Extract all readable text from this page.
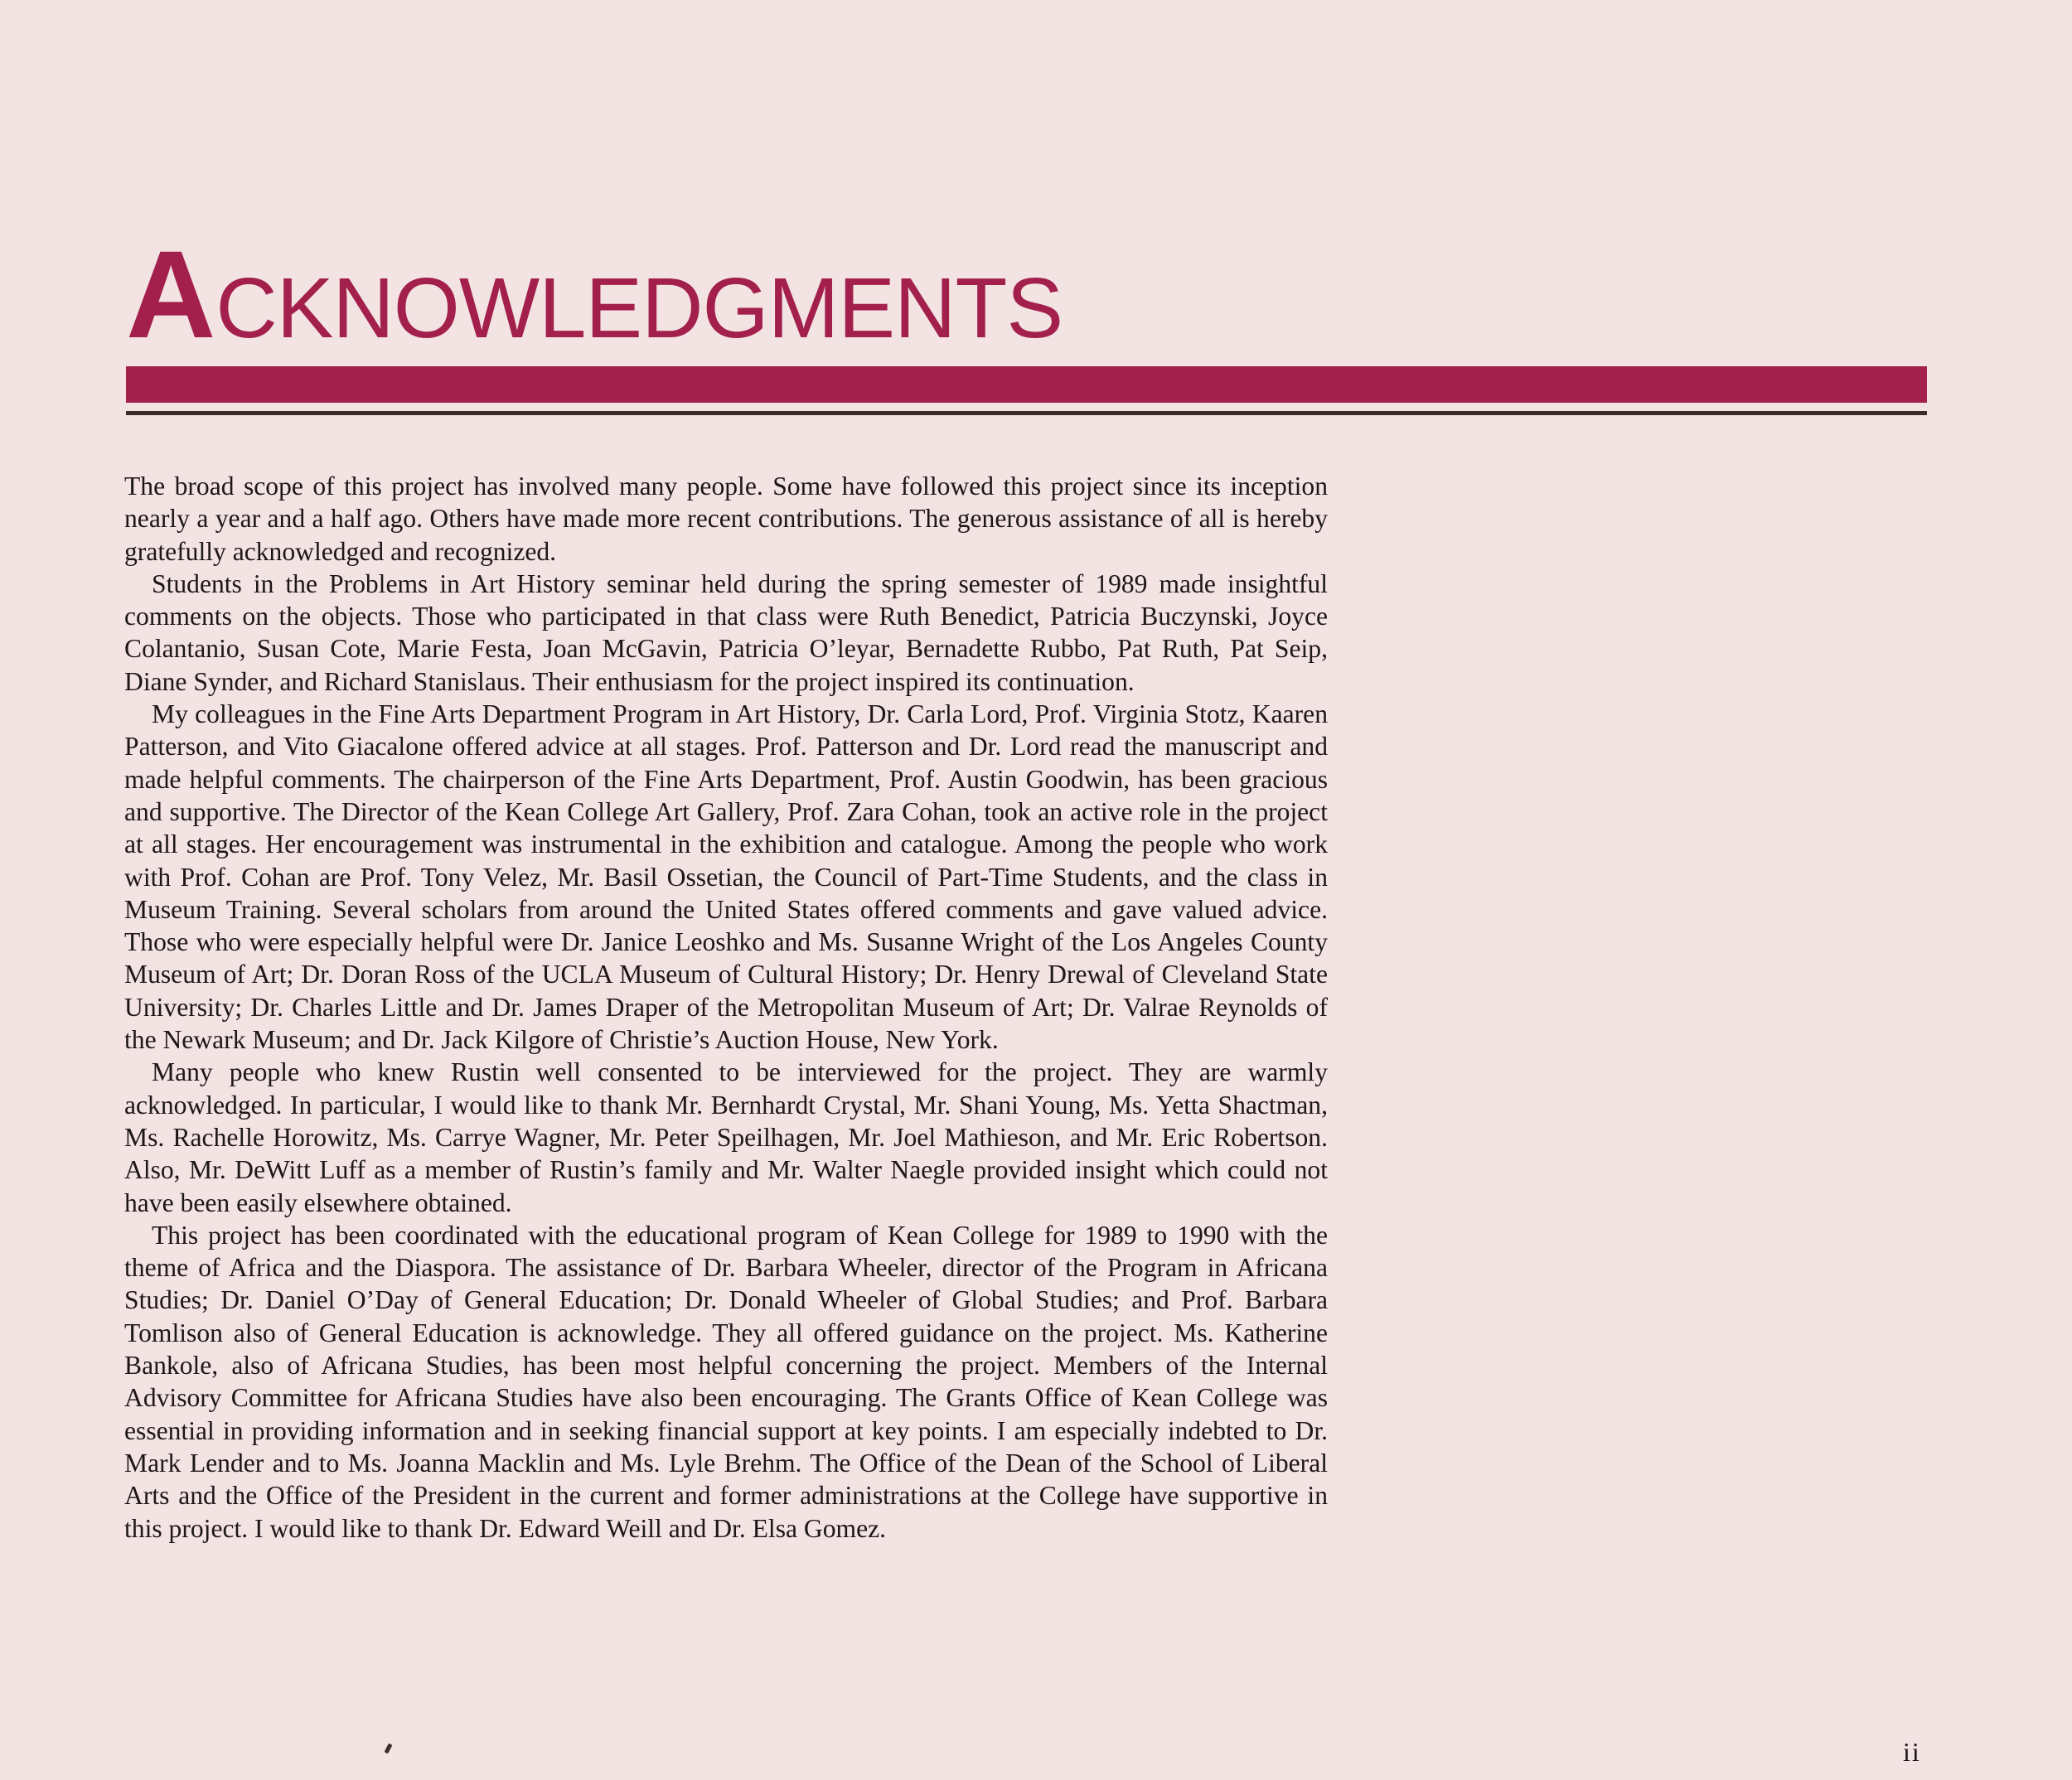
ACKNOWLEDGMENTS

The broad scope of this project has involved many people. Some have followed this project since its inception nearly a year and a half ago. Others have made more recent contributions. The generous assistance of all is hereby gratefully acknowledged and recognized.

Students in the Problems in Art History seminar held during the spring semester of 1989 made insightful comments on the objects. Those who participated in that class were Ruth Benedict, Patricia Buczynski, Joyce Colantanio, Susan Cote, Marie Festa, Joan McGavin, Patricia O’leyar, Bernadette Rubbo, Pat Ruth, Pat Seip, Diane Synder, and Richard Stanislaus. Their enthusiasm for the project inspired its continuation.

My colleagues in the Fine Arts Department Program in Art History, Dr. Carla Lord, Prof. Virginia Stotz, Kaaren Patterson, and Vito Giacalone offered advice at all stages. Prof. Patterson and Dr. Lord read the manuscript and made helpful comments. The chairperson of the Fine Arts Department, Prof. Austin Goodwin, has been gracious and supportive. The Director of the Kean College Art Gallery, Prof. Zara Cohan, took an active role in the project at all stages. Her encouragement was instrumental in the exhibition and catalogue. Among the people who work with Prof. Cohan are Prof. Tony Velez, Mr. Basil Ossetian, the Council of Part-Time Students, and the class in Museum Training. Several scholars from around the United States offered comments and gave valued advice. Those who were especially helpful were Dr. Janice Leoshko and Ms. Susanne Wright of the Los Angeles County Museum of Art; Dr. Doran Ross of the UCLA Museum of Cultural History; Dr. Henry Drewal of Cleveland State University; Dr. Charles Little and Dr. James Draper of the Metropolitan Museum of Art; Dr. Valrae Reynolds of the Newark Museum; and Dr. Jack Kilgore of Christie’s Auction House, New York.

Many people who knew Rustin well consented to be interviewed for the project. They are warmly acknowledged. In particular, I would like to thank Mr. Bernhardt Crystal, Mr. Shani Young, Ms. Yetta Shactman, Ms. Rachelle Horowitz, Ms. Carrye Wagner, Mr. Peter Speilhagen, Mr. Joel Mathieson, and Mr. Eric Robertson. Also, Mr. DeWitt Luff as a member of Rustin’s family and Mr. Walter Naegle provided insight which could not have been easily elsewhere obtained.

This project has been coordinated with the educational program of Kean College for 1989 to 1990 with the theme of Africa and the Diaspora. The assistance of Dr. Barbara Wheeler, director of the Program in Africana Studies; Dr. Daniel O’Day of General Education; Dr. Donald Wheeler of Global Studies; and Prof. Barbara Tomlison also of General Education is acknowledge. They all offered guidance on the project. Ms. Katherine Bankole, also of Africana Studies, has been most helpful concerning the project. Members of the Internal Advisory Committee for Africana Studies have also been encouraging. The Grants Office of Kean College was essential in providing information and in seeking financial support at key points. I am especially indebted to Dr. Mark Lender and to Ms. Joanna Macklin and Ms. Lyle Brehm. The Office of the Dean of the School of Liberal Arts and the Office of the President in the current and former administrations at the College have supportive in this project. I would like to thank Dr. Edward Weill and Dr. Elsa Gomez.

ii
